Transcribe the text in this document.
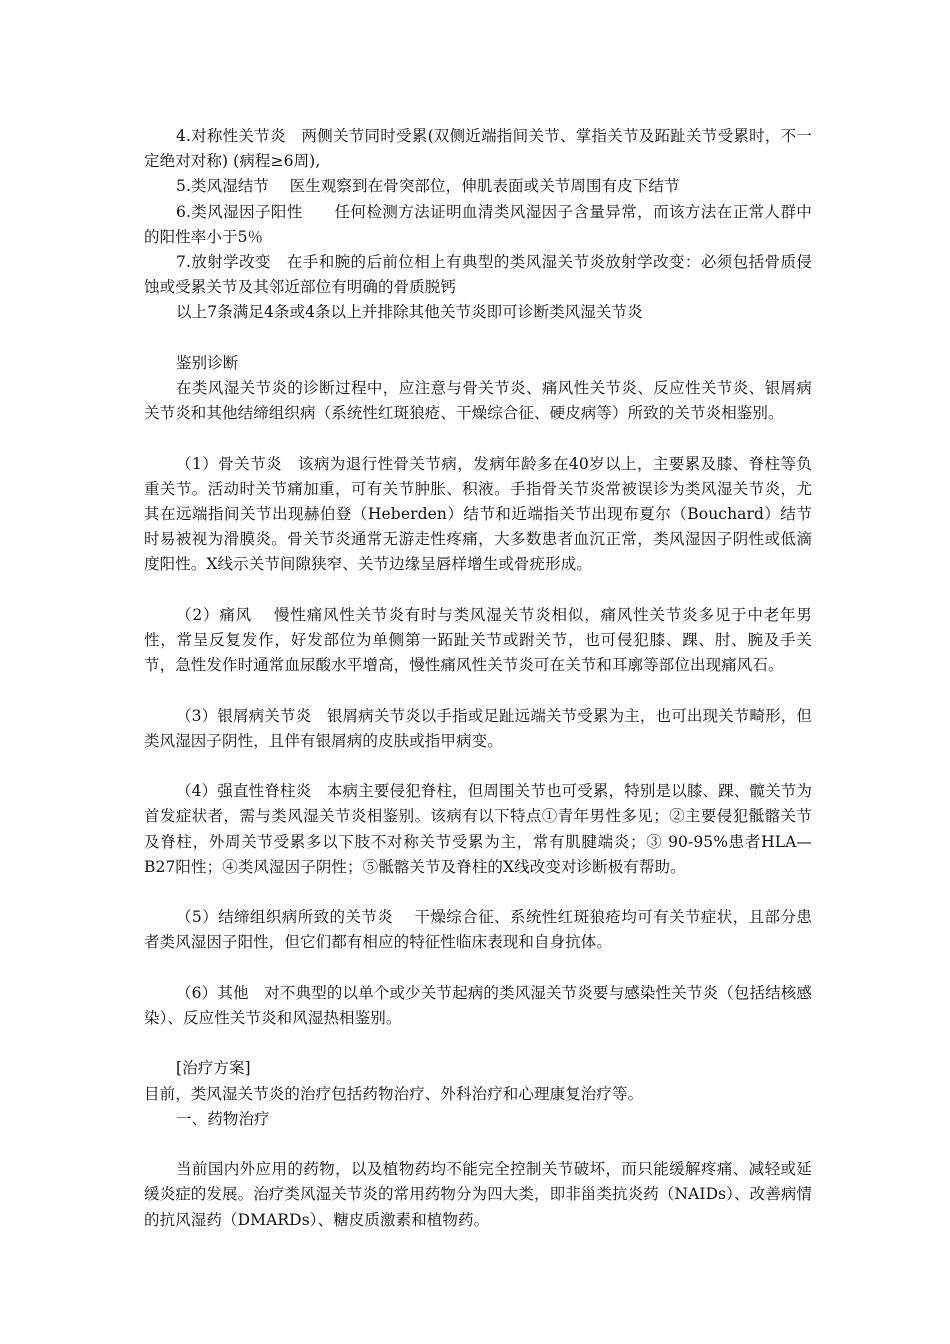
4.对称性关节炎　两侧关节同时受累(双侧近端指间关节、掌指关节及跖趾关节受累时，不一定绝对对称) (病程≥6周),

5.类风湿结节　 医生观察到在骨突部位，伸肌表面或关节周围有皮下结节

6.类风湿因子阳性　　任何检测方法证明血清类风湿因子含量异常，而该方法在正常人群中的阳性率小于5％

7.放射学改变　在手和腕的后前位相上有典型的类风湿关节炎放射学改变：必须包括骨质侵蚀或受累关节及其邻近部位有明确的骨质脱钙

以上7条满足4条或4条以上并排除其他关节炎即可诊断类风湿关节炎

鉴别诊断

在类风湿关节炎的诊断过程中，应注意与骨关节炎、痛风性关节炎、反应性关节炎、银屑病关节炎和其他结缔组织病（系统性红斑狼疮、干燥综合征、硬皮病等）所致的关节炎相鉴别。

（1）骨关节炎　该病为退行性骨关节病，发病年龄多在40岁以上，主要累及膝、脊柱等负重关节。活动时关节痛加重，可有关节肿胀、积液。手指骨关节炎常被误诊为类风湿关节炎，尤其在远端指间关节出现赫伯登（Heberden）结节和近端指关节出现布夏尔（Bouchard）结节时易被视为滑膜炎。骨关节炎通常无游走性疼痛，大多数患者血沉正常，类风湿因子阴性或低滴度阳性。X线示关节间隙狭窄、关节边缘呈唇样增生或骨疣形成。

（2）痛风　 慢性痛风性关节炎有时与类风湿关节炎相似，痛风性关节炎多见于中老年男性，常呈反复发作，好发部位为单侧第一跖趾关节或跗关节，也可侵犯膝、踝、肘、腕及手关节，急性发作时通常血尿酸水平增高，慢性痛风性关节炎可在关节和耳廓等部位出现痛风石。

（3）银屑病关节炎　银屑病关节炎以手指或足趾远端关节受累为主，也可出现关节畸形，但类风湿因子阴性，且伴有银屑病的皮肤或指甲病变。

（4）强直性脊柱炎　本病主要侵犯脊柱，但周围关节也可受累，特别是以膝、踝、髋关节为首发症状者，需与类风湿关节炎相鉴别。该病有以下特点①青年男性多见；②主要侵犯骶髂关节及脊柱，外周关节受累多以下肢不对称关节受累为主，常有肌腱端炎；③ 90-95%患者HLA—B27阳性；④类风湿因子阴性；⑤骶髂关节及脊柱的X线改变对诊断极有帮助。

（5）结缔组织病所致的关节炎　 干燥综合征、系统性红斑狼疮均可有关节症状，且部分患者类风湿因子阳性，但它们都有相应的特征性临床表现和自身抗体。

（6）其他　对不典型的以单个或少关节起病的类风湿关节炎要与感染性关节炎（包括结核感染）、反应性关节炎和风湿热相鉴别。

[治疗方案]

目前，类风湿关节炎的治疗包括药物治疗、外科治疗和心理康复治疗等。

一、药物治疗

当前国内外应用的药物，以及植物药均不能完全控制关节破坏，而只能缓解疼痛、减轻或延缓炎症的发展。治疗类风湿关节炎的常用药物分为四大类，即非甾类抗炎药（NAIDs）、改善病情的抗风湿药（DMARDs）、糖皮质激素和植物药。
